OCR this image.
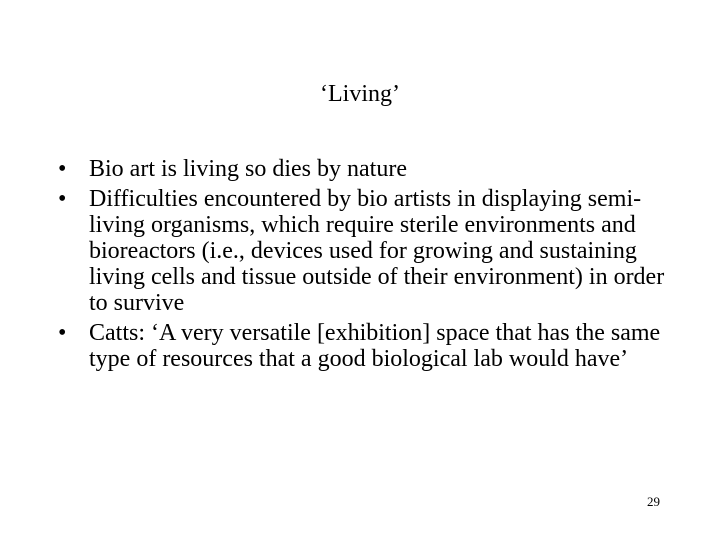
‘Living’
• Bio art is living so dies by nature
• Difficulties encountered by bio artists in displaying semi-living organisms, which require sterile environments and bioreactors (i.e., devices used for growing and sustaining living cells and tissue outside of their environment) in order to survive
• Catts: ‘A very versatile [exhibition] space that has the same type of resources that a good biological lab would have’
29
